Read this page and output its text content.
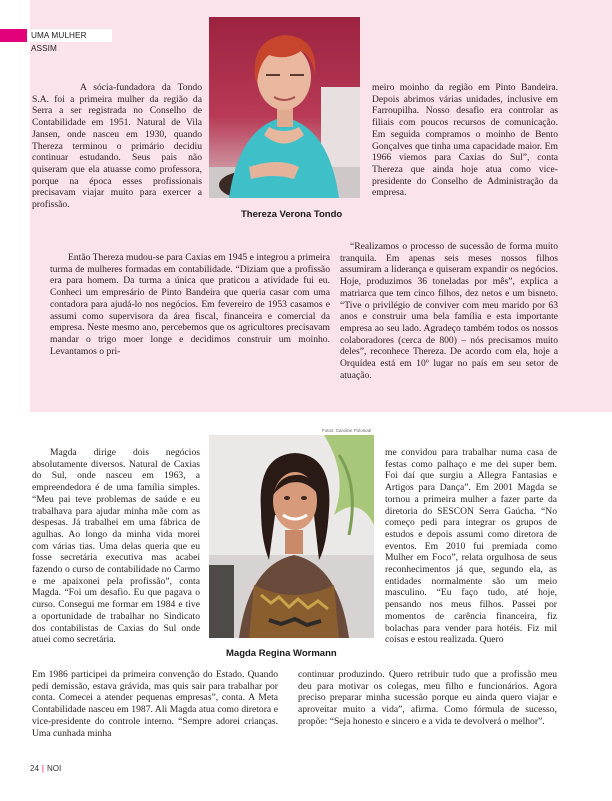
UMA MULHER ASSIM
Thereza Verona Tondo

A sócia-fundadora da Tondo S.A. foi a primeira mulher da região da Serra a ser registrada no Conselho de Contabilidade em 1951. Natural de Vila Jansen, onde nasceu em 1930, quando Thereza terminou o primário decidiu continuar estudando. Seus pais não quiseram que ela atuasse como professora, porque na época esses profissionais precisavam viajar muito para exercer a profissão.

Então Thereza mudou-se para Caxias em 1945 e integrou a primeira turma de mulheres formadas em contabilidade. “Diziam que a profissão era para homem. Da turma a única que praticou a atividade fui eu. Conheci um empresário de Pinto Bandeira que queria casar com uma contadora para ajudá-lo nos negócios. Em fevereiro de 1953 casamos e assumi como supervisora da área fiscal, financeira e comercial da empresa. Neste mesmo ano, percebemos que os agricultores precisavam mandar o trigo moer longe e decidimos construir um moinho. Levantamos o pri-

meiro moinho da região em Pinto Bandeira. Depois abrimos várias unidades, inclusive em Farroupilha. Nosso desafio era controlar as filiais com poucos recursos de comunicação. Em seguida compramos o moinho de Bento Gonçalves que tinha uma capacidade maior. Em 1966 viemos para Caxias do Sul”, conta Thereza que ainda hoje atua como vice-presidente do Conselho de Administração da empresa.

“Realizamos o processo de sucessão de forma muito tranquila. Em apenas seis meses nossos filhos assumiram a liderança e quiseram expandir os negócios. Hoje, produzimos 36 toneladas por mês”, explica a matriarca que tem cinco filhos, dez netos e um bisneto. “Tive o privilégio de conviver com meu marido por 63 anos e construir uma bela família e esta importante empresa ao seu lado. Agradeço também todos os nossos colaboradores (cerca de 800) – nós precisamos muito deles”, reconhece Thereza. De acordo com ela, hoje a Orquídea está em 10º lugar no país em seu setor de atuação.

Fotos: Caroline Poloniati
Magda Regina Wormann

Magda dirige dois negócios absolutamente diversos. Natural de Caxias do Sul, onde nasceu em 1963, a empreendedora é de uma família simples. “Meu pai teve problemas de saúde e eu trabalhava para ajudar minha mãe com as despesas. Já trabalhei em uma fábrica de agulhas. Ao longo da minha vida morei com várias tias. Uma delas queria que eu fosse secretária executiva mas acabei fazendo o curso de contabilidade no Carmo e me apaixonei pela profissão”, conta Magda. “Foi um desafio. Eu que pagava o curso. Consegui me formar em 1984 e tive a oportunidade de trabalhar no Sindicato dos contabilistas de Caxias do Sul onde atuei como secretária.

Em 1986 participei da primeira convenção do Estado. Quando pedi demissão, estava grávida, mas quis sair para trabalhar por conta. Comecei a atender pequenas empresas”, conta. A Meta Contabilidade nasceu em 1987. Ali Magda atua como diretora e vice-presidente do controle interno. “Sempre adorei crianças. Uma cunhada minha

me convidou para trabalhar numa casa de festas como palhaço e me dei super bem. Foi daí que surgiu a Allegra Fantasias e Artigos para Dança”. Em 2001 Magda se tornou a primeira mulher a fazer parte da diretoria do SESCON Serra Gaúcha. “No começo pedi para integrar os grupos de estudos e depois assumi como diretora de eventos. Em 2010 fui premiada como Mulher em Foco”, relata orgulhosa de seus reconhecimentos já que, segundo ela, as entidades normalmente são um meio masculino. “Eu faço tudo, até hoje, pensando nos meus filhos. Passei por momentos de carência financeira, fiz bolachas para vender para hotéis. Fiz mil coisas e estou realizada. Quero

continuar produzindo. Quero retribuir tudo que a profissão meu deu para motivar os colegas, meu filho e funcionários. Agora preciso preparar minha sucessão porque eu ainda quero viajar e aproveitar muito a vida”, afirma. Como fórmula de sucesso, propõe: “Seja honesto e sincero e a vida te devolverá o melhor”.

24 | NOI
